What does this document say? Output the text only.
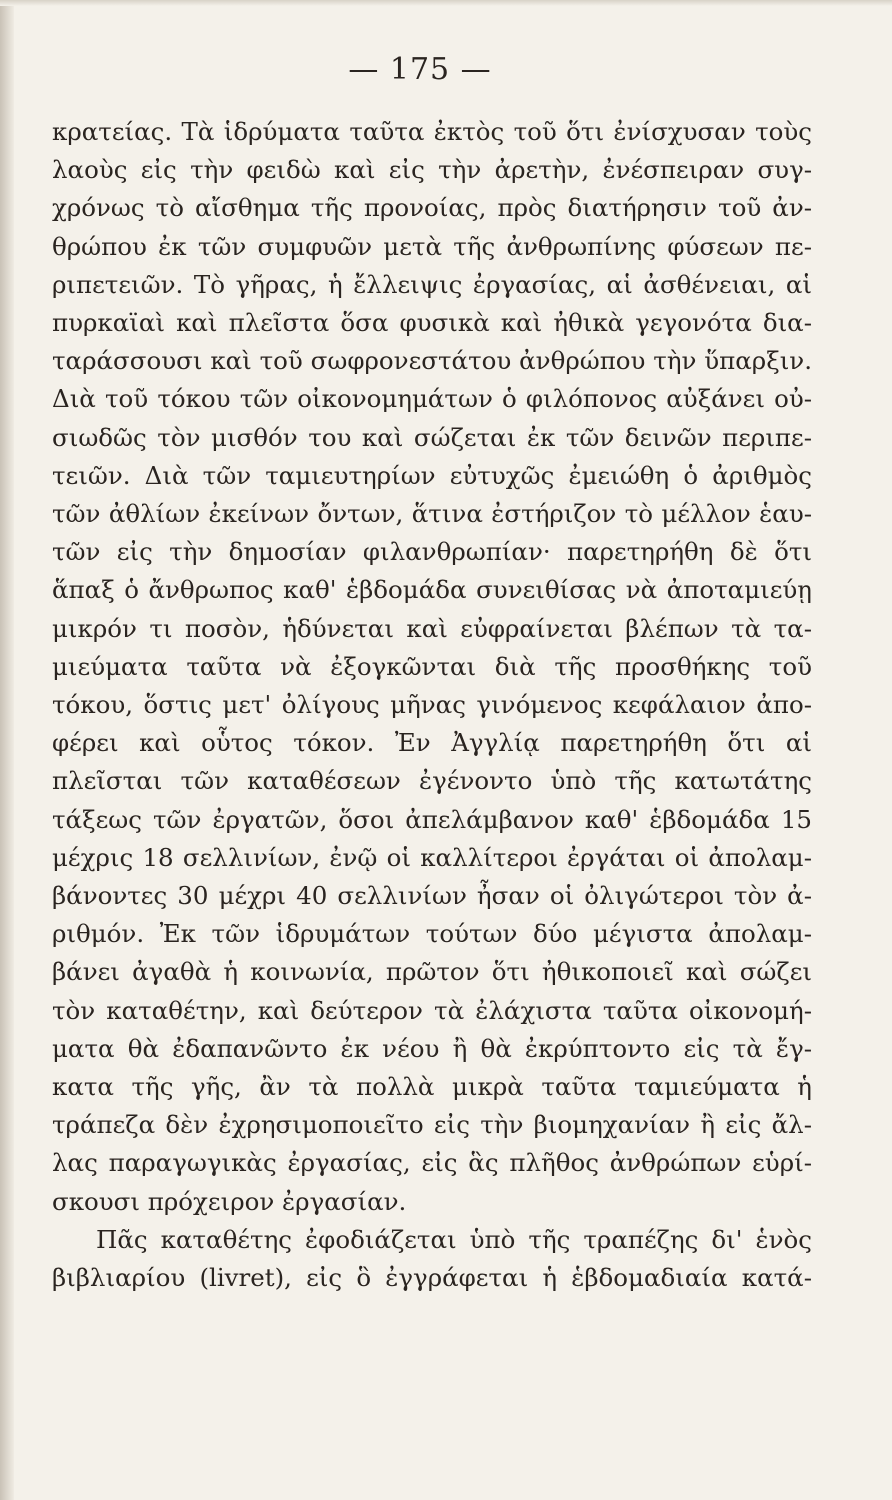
— 175 —
κρατείας. Τὰ ἱδρύματα ταῦτα ἐκτὸς τοῦ ὅτι ἐνίσχυσαν τοὺς
λαοὺς εἰς τὴν φειδὼ καὶ εἰς τὴν ἀρετὴν, ἐνέσπειραν συγ-
χρόνως τὸ αἴσθημα τῆς προνοίας, πρὸς διατήρησιν τοῦ ἀν-
θρώπου ἐκ τῶν συμφυῶν μετὰ τῆς ἀνθρωπίνης φύσεων πε-
ριπετειῶν. Τὸ γῆρας, ἡ ἔλλειψις ἐργασίας, αἱ ἀσθένειαι, αἱ
πυρκαϊαὶ καὶ πλεῖστα ὅσα φυσικὰ καὶ ἠθικὰ γεγονότα δια-
ταράσσουσι καὶ τοῦ σωφρονεστάτου ἀνθρώπου τὴν ὕπαρξιν.
Διὰ τοῦ τόκου τῶν οἰκονομημάτων ὁ φιλόπονος αὐξάνει οὐ-
σιωδῶς τὸν μισθόν του καὶ σώζεται ἐκ τῶν δεινῶν περιπε-
τειῶν. Διὰ τῶν ταμιευτηρίων εὐτυχῶς ἐμειώθη ὁ ἀριθμὸς
τῶν ἀθλίων ἐκείνων ὄντων, ἅτινα ἐστήριζον τὸ μέλλον ἑαυ-
τῶν εἰς τὴν δημοσίαν φιλανθρωπίαν· παρετηρήθη δὲ ὅτι
ἅπαξ ὁ ἄνθρωπος καθ' ἑβδομάδα συνειθίσας νὰ ἀποταμιεύῃ
μικρόν τι ποσὸν, ἡδύνεται καὶ εὐφραίνεται βλέπων τὰ τα-
μιεύματα ταῦτα νὰ ἐξογκῶνται διὰ τῆς προσθήκης τοῦ
τόκου, ὅστις μετ' ὀλίγους μῆνας γινόμενος κεφάλαιον ἀπο-
φέρει καὶ οὗτος τόκον. Ἐν Ἀγγλίᾳ παρετηρήθη ὅτι αἱ
πλεῖσται τῶν καταθέσεων ἐγένοντο ὑπὸ τῆς κατωτάτης
τάξεως τῶν ἐργατῶν, ὅσοι ἀπελάμβανον καθ' ἑβδομάδα 15
μέχρις 18 σελλινίων, ἐνῷ οἱ καλλίτεροι ἐργάται οἱ ἀπολαμ-
βάνοντες 30 μέχρι 40 σελλινίων ἦσαν οἱ ὀλιγώτεροι τὸν ἀ-
ριθμόν. Ἐκ τῶν ἱδρυμάτων τούτων δύο μέγιστα ἀπολαμ-
βάνει ἀγαθὰ ἡ κοινωνία, πρῶτον ὅτι ἠθικοποιεῖ καὶ σώζει
τὸν καταθέτην, καὶ δεύτερον τὰ ἐλάχιστα ταῦτα οἰκονομή-
ματα θὰ ἐδαπανῶντο ἐκ νέου ἢ θὰ ἐκρύπτοντο εἰς τὰ ἔγ-
κατα τῆς γῆς, ἂν τὰ πολλὰ μικρὰ ταῦτα ταμιεύματα ἡ
τράπεζα δὲν ἐχρησιμοποιεῖτο εἰς τὴν βιομηχανίαν ἢ εἰς ἄλ-
λας παραγωγικὰς ἐργασίας, εἰς ἃς πλῆθος ἀνθρώπων εὑρί-
σκουσι πρόχειρον ἐργασίαν.
Πᾶς καταθέτης ἐφοδιάζεται ὑπὸ τῆς τραπέζης δι' ἑνὸς
βιβλιαρίου (livret), εἰς ὃ ἐγγράφεται ἡ ἑβδομαδιαία κατά-
